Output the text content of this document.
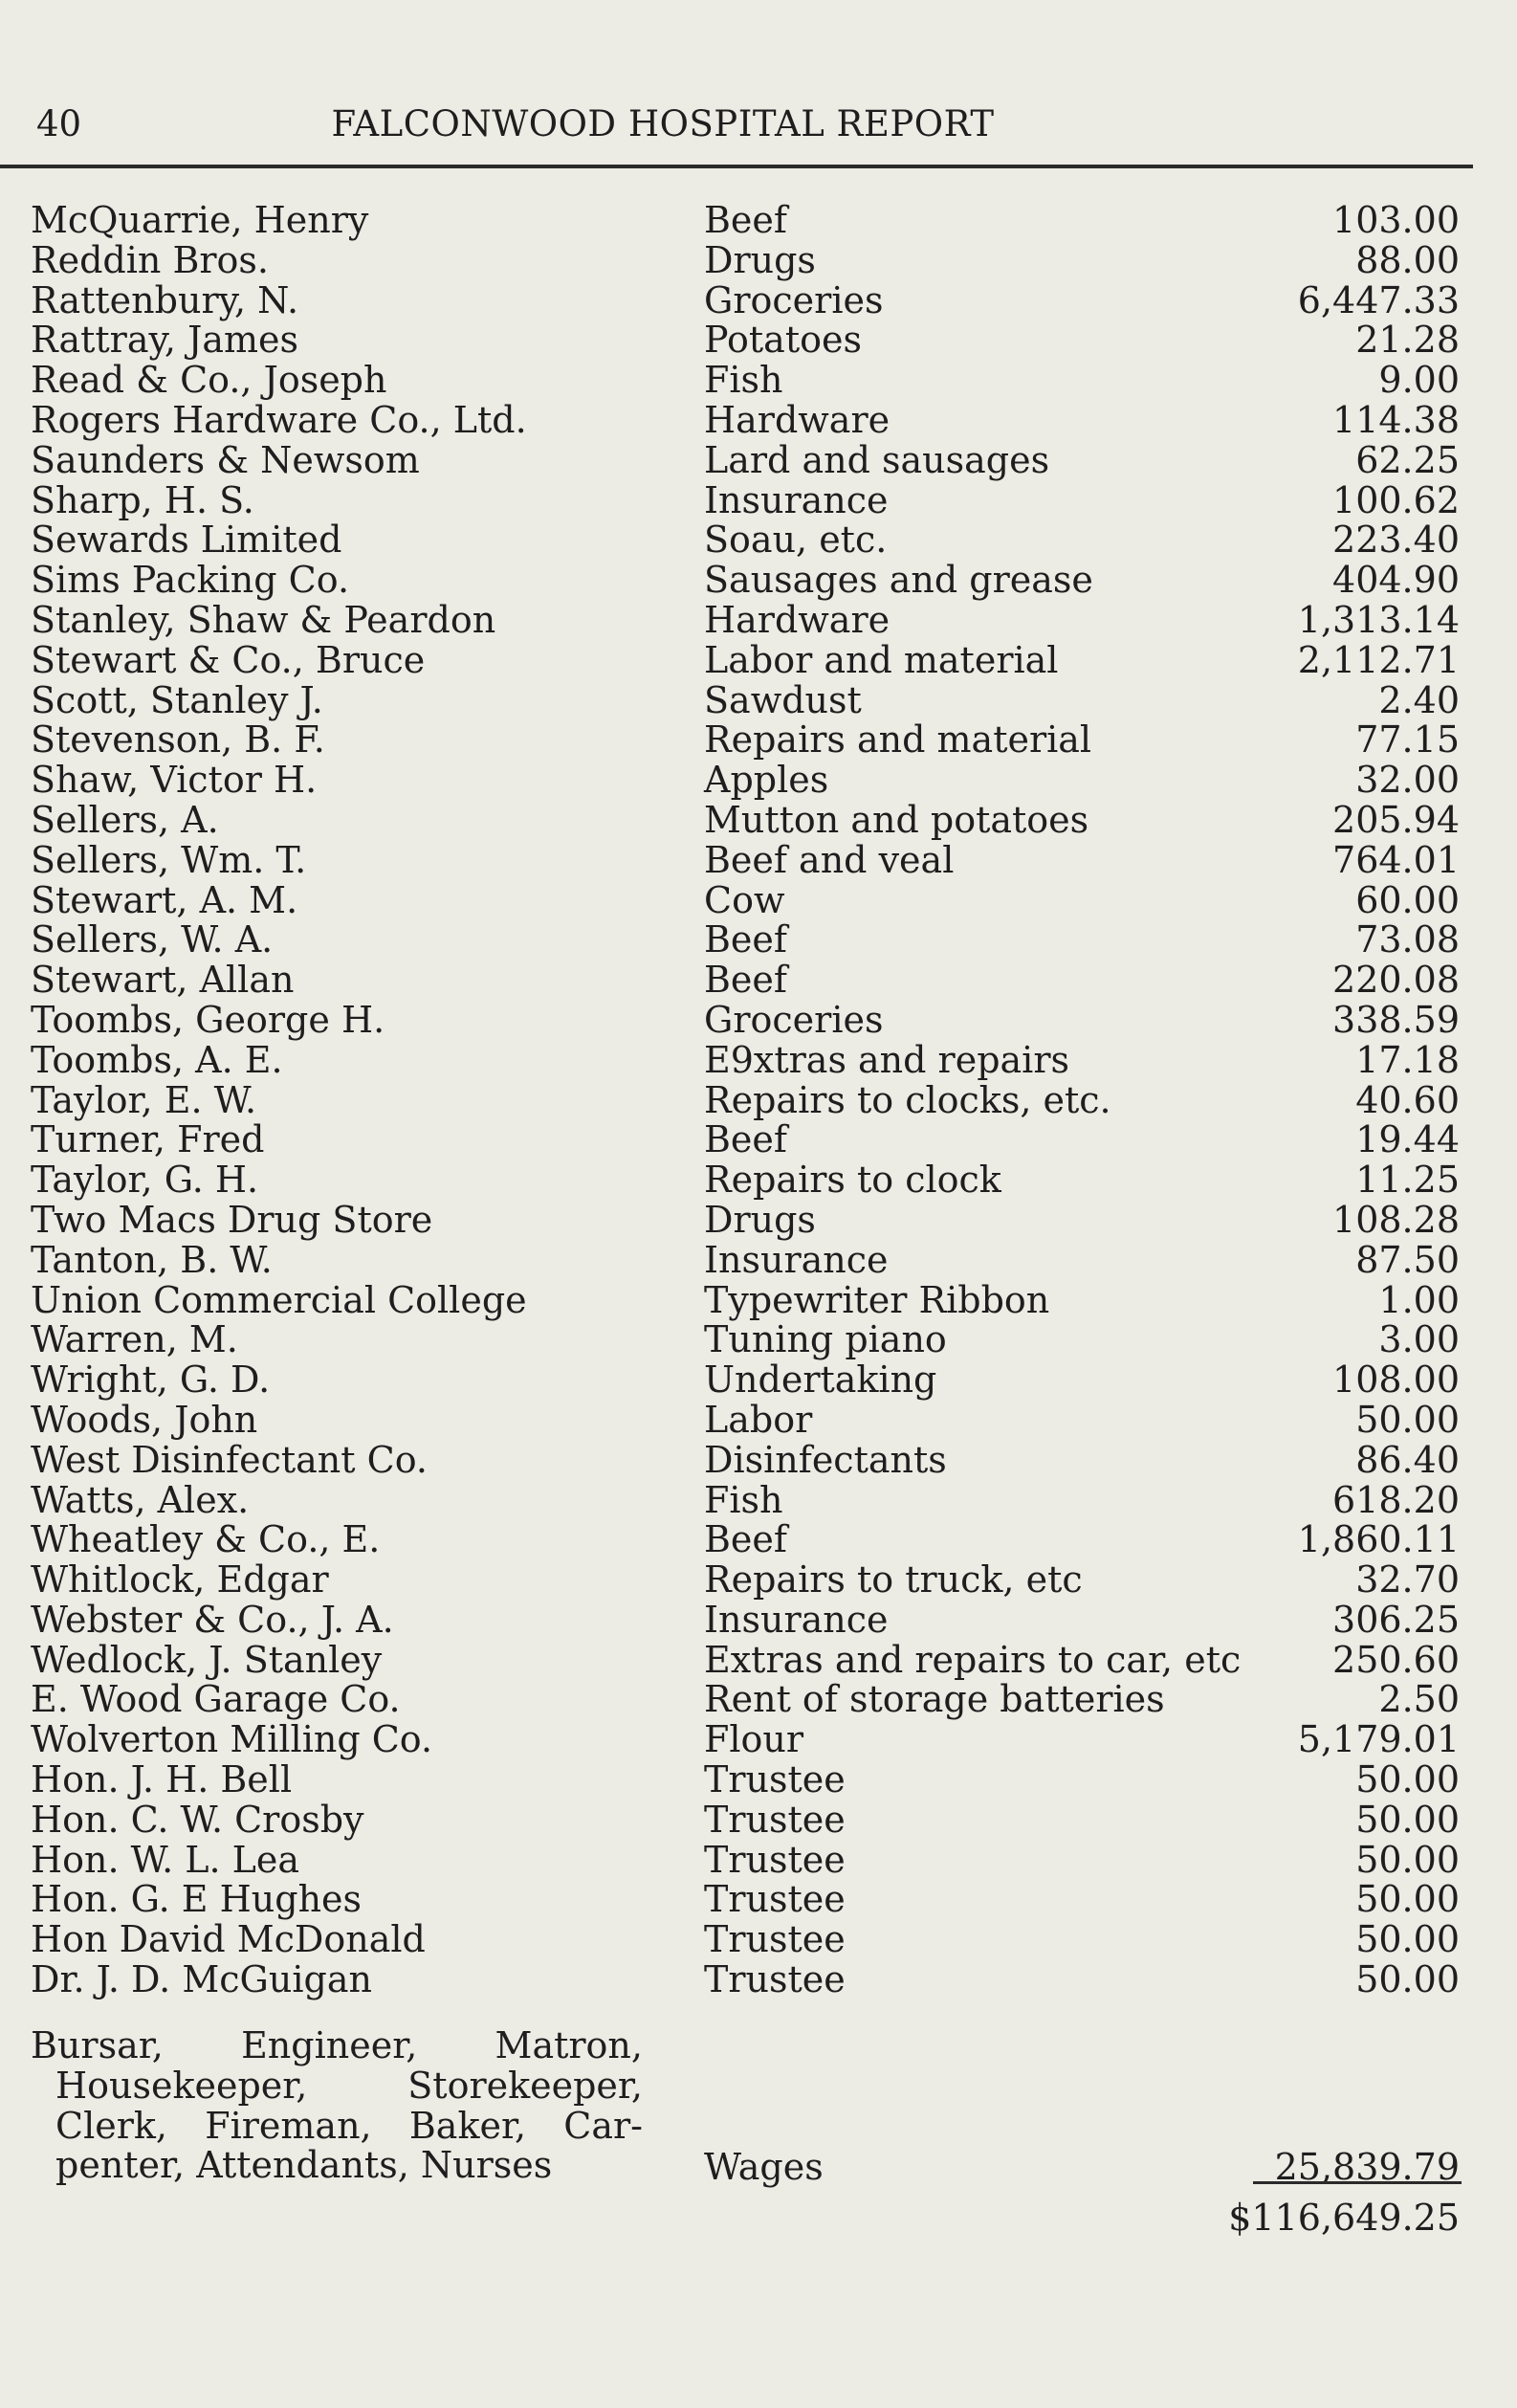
40	FALCONWOOD HOSPITAL REPORT
McQuarrie, Henry	Beef	103.00
Reddin Bros.	Drugs	88.00
Rattenbury, N.	Groceries	6,447.33
Rattray, James	Potatoes	21.28
Read & Co., Joseph	Fish	9.00
Rogers Hardware Co., Ltd.	Hardware	114.38
Saunders & Newsom	Lard and sausages	62.25
Sharp, H. S.	Insurance	100.62
Sewards Limited	Soau, etc.	223.40
Sims Packing Co.	Sausages and grease	404.90
Stanley, Shaw & Peardon	Hardware	1,313.14
Stewart & Co., Bruce	Labor and material	2,112.71
Scott, Stanley J.	Sawdust	2.40
Stevenson, B. F.	Repairs and material	77.15
Shaw, Victor H.	Apples	32.00
Sellers, A.	Mutton and potatoes	205.94
Sellers, Wm. T.	Beef and veal	764.01
Stewart, A. M.	Cow	60.00
Sellers, W. A.	Beef	73.08
Stewart, Allan	Beef	220.08
Toombs, George H.	Groceries	338.59
Toombs, A. E.	E9xtras and repairs	17.18
Taylor, E. W.	Repairs to clocks, etc.	40.60
Turner, Fred	Beef	19.44
Taylor, G. H.	Repairs to clock	11.25
Two Macs Drug Store	Drugs	108.28
Tanton, B. W.	Insurance	87.50
Union Commercial College	Typewriter Ribbon	1.00
Warren, M.	Tuning piano	3.00
Wright, G. D.	Undertaking	108.00
Woods, John	Labor	50.00
West Disinfectant Co.	Disinfectants	86.40
Watts, Alex.	Fish	618.20
Wheatley & Co., E.	Beef	1,860.11
Whitlock, Edgar	Repairs to truck, etc	32.70
Webster & Co., J. A.	Insurance	306.25
Wedlock, J. Stanley	Extras and repairs to car, etc	250.60
E. Wood Garage Co.	Rent of storage batteries	2.50
Wolverton Milling Co.	Flour	5,179.01
Hon. J. H. Bell	Trustee	50.00
Hon. C. W. Crosby	Trustee	50.00
Hon. W. L. Lea	Trustee	50.00
Hon. G. E Hughes	Trustee	50.00
Hon David McDonald	Trustee	50.00
Dr. J. D. McGuigan	Trustee	50.00
Bursar, Engineer, Matron,
Housekeeper,	Storekeeper,
Clerk, Fireman, Baker, Car-
penter, Attendants, Nurses	Wages	25,839.79
$116,649.25
